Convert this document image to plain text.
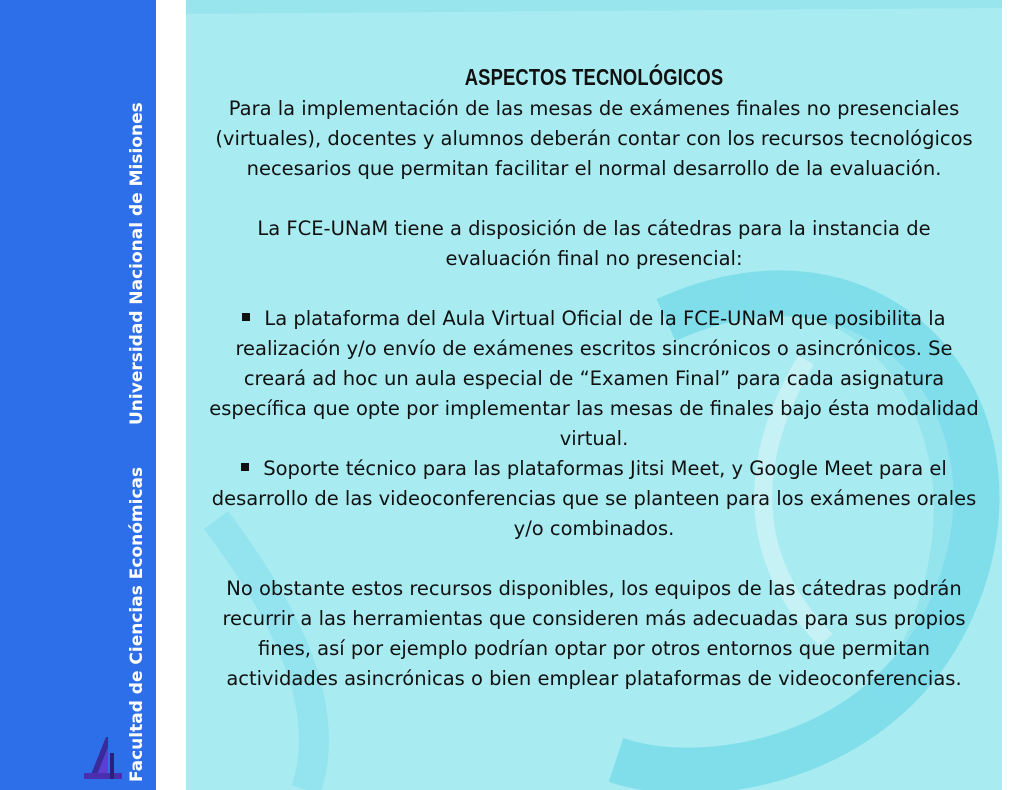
Facultad de Ciencias Económicas
Universidad Nacional de Misiones
ASPECTOS TECNOLÓGICOS

Para la implementación de las mesas de exámenes finales no presenciales (virtuales), docentes y alumnos deberán contar con los recursos tecnológicos necesarios que permitan facilitar el normal desarrollo de la evaluación.

La FCE-UNaM tiene a disposición de las cátedras para la instancia de evaluación final no presencial:

La plataforma del Aula Virtual Oficial de la FCE-UNaM que posibilita la realización y/o envío de exámenes escritos sincrónicos o asincrónicos. Se creará ad hoc un aula especial de “Examen Final” para cada asignatura específica que opte por implementar las mesas de finales bajo ésta modalidad virtual.

Soporte técnico para las plataformas Jitsi Meet, y Google Meet para el desarrollo de las videoconferencias que se planteen para los exámenes orales y/o combinados.

No obstante estos recursos disponibles, los equipos de las cátedras podrán recurrir a las herramientas que consideren más adecuadas para sus propios fines, así por ejemplo podrían optar por otros entornos que permitan actividades asincrónicas o bien emplear plataformas de videoconferencias.
